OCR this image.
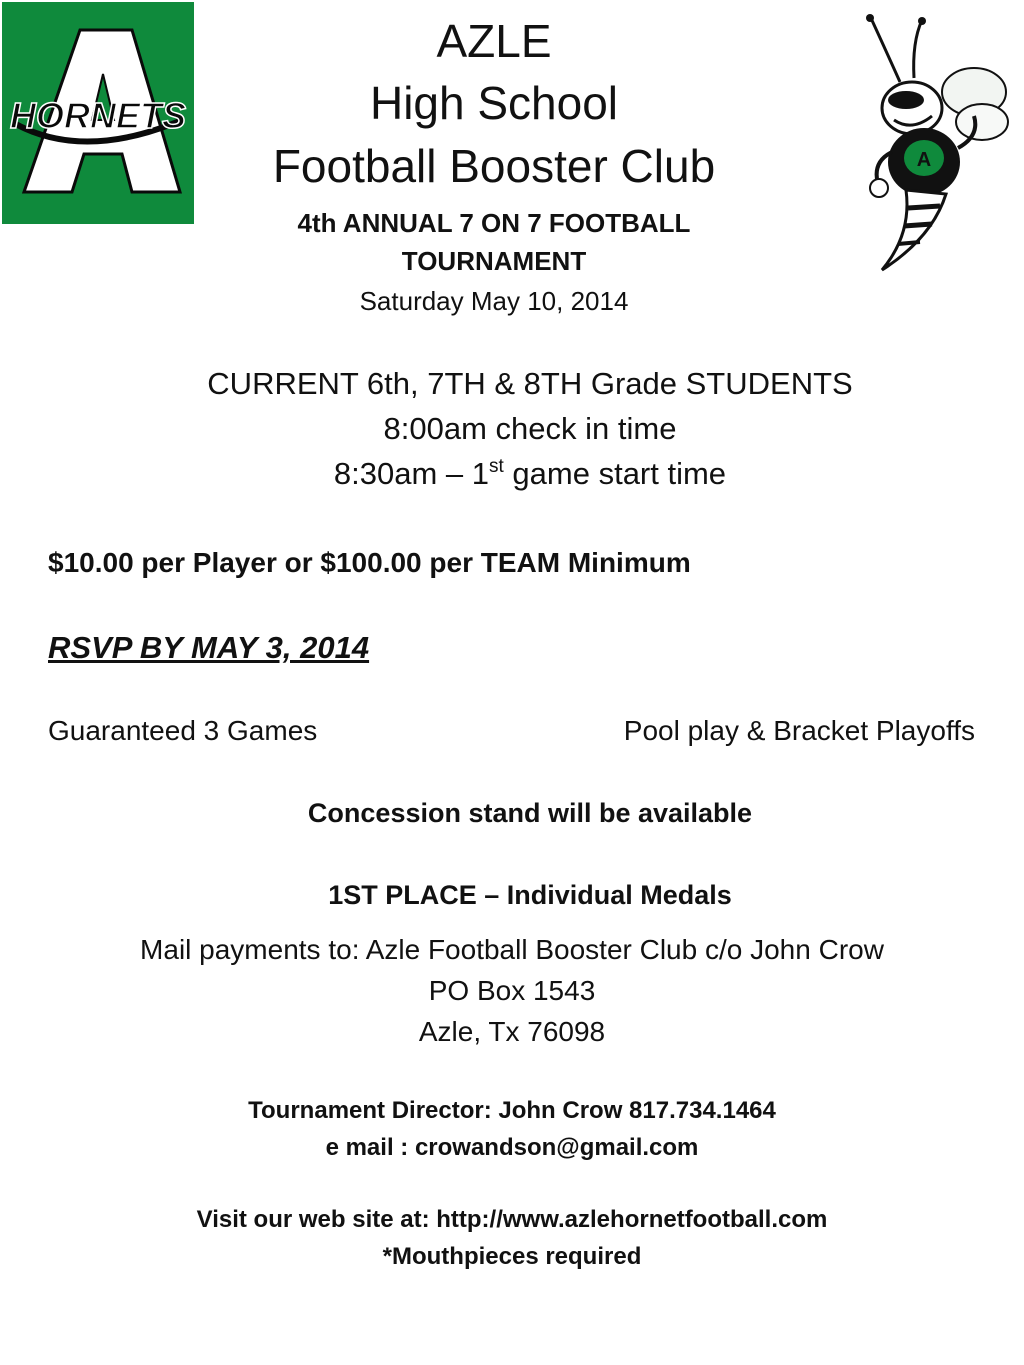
HORNETS
A
AZLE
High School
Football Booster Club
4th ANNUAL 7 ON 7 FOOTBALL
TOURNAMENT
Saturday May 10, 2014
CURRENT 6th, 7TH & 8TH Grade STUDENTS
8:00am check in time
8:30am – 1st game start time
$10.00 per Player or $100.00 per TEAM Minimum
RSVP BY MAY 3, 2014
Guaranteed 3 Games	Pool play & Bracket Playoffs
Concession stand will be available
1ST PLACE – Individual Medals
Mail payments to: Azle Football Booster Club c/o John Crow
PO Box 1543
Azle, Tx 76098
Tournament Director: John Crow 817.734.1464
e mail : crowandson@gmail.com
Visit our web site at: http://www.azlehornetfootball.com
*Mouthpieces required
